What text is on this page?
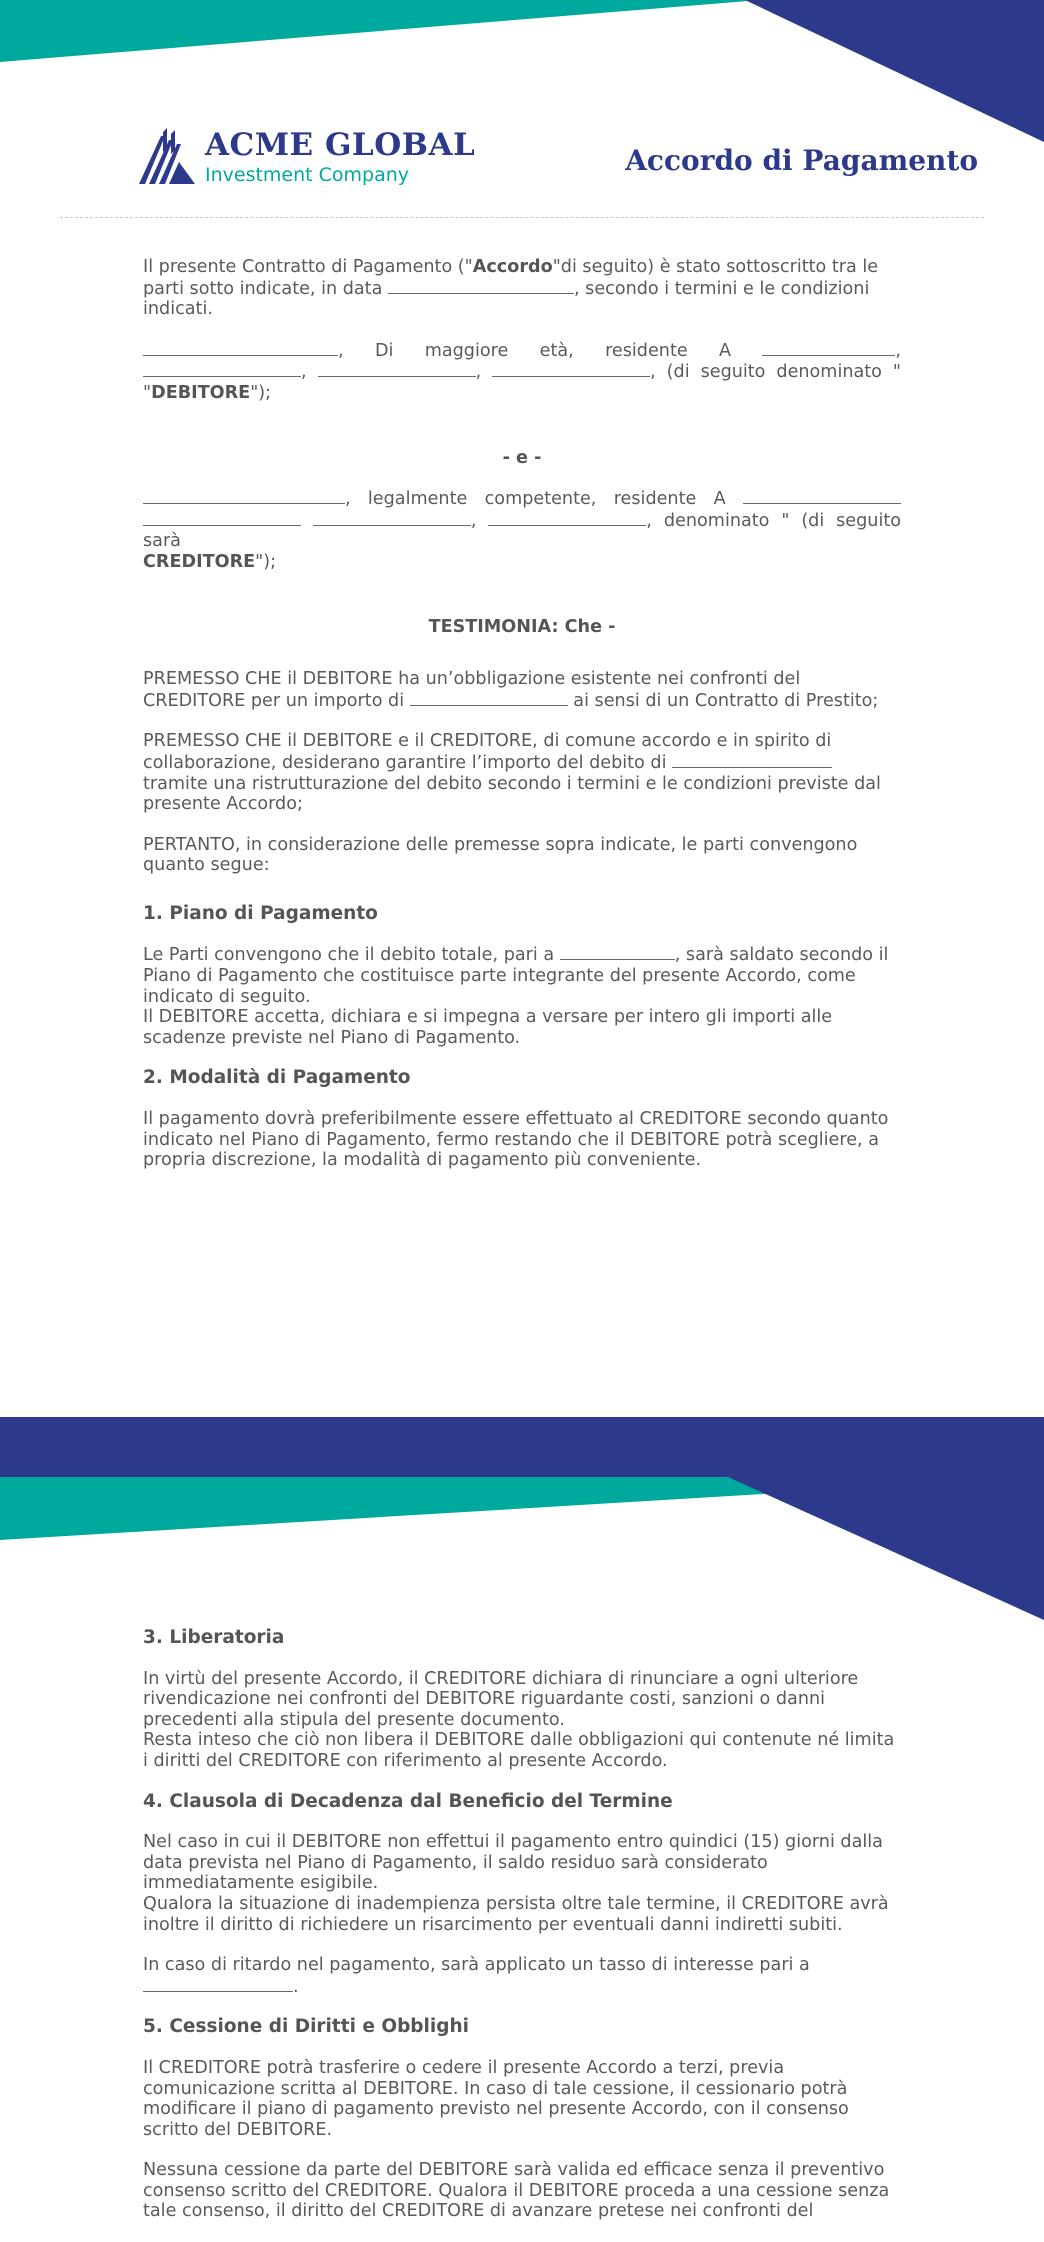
ACME GLOBAL
Investment Company	Accordo di Pagamento

Il presente Contratto di Pagamento ("Accordo"di seguito) è stato sottoscritto tra le parti sotto indicate, in data	, secondo i termini e le condizioni indicati.

, Di maggiore età, residente A	, ,	,	, (di seguito denominato "
"DEBITORE");

- e -

, legalmente competente, residente A   ,	, denominato " (di seguito sarà
CREDITORE");

TESTIMONIA: Che -

PREMESSO CHE il DEBITORE ha un’obbligazione esistente nei confronti del CREDITORE per un importo di	ai sensi di un Contratto di Prestito;

PREMESSO CHE il DEBITORE e il CREDITORE, di comune accordo e in spirito di collaborazione, desiderano garantire l’importo del debito di  tramite una ristrutturazione del debito secondo i termini e le condizioni previste dal presente Accordo;

PERTANTO, in considerazione delle premesse sopra indicate, le parti convengono quanto segue:

1. Piano di Pagamento

Le Parti convengono che il debito totale, pari a	, sarà saldato secondo il Piano di Pagamento che costituisce parte integrante del presente Accordo, come indicato di seguito.
Il DEBITORE accetta, dichiara e si impegna a versare per intero gli importi alle scadenze previste nel Piano di Pagamento.

2. Modalità di Pagamento

Il pagamento dovrà preferibilmente essere effettuato al CREDITORE secondo quanto indicato nel Piano di Pagamento, fermo restando che il DEBITORE potrà scegliere, a propria discrezione, la modalità di pagamento più conveniente.

3. Liberatoria

In virtù del presente Accordo, il CREDITORE dichiara di rinunciare a ogni ulteriore rivendicazione nei confronti del DEBITORE riguardante costi, sanzioni o danni precedenti alla stipula del presente documento.
Resta inteso che ciò non libera il DEBITORE dalle obbligazioni qui contenute né limita i diritti del CREDITORE con riferimento al presente Accordo.

4. Clausola di Decadenza dal Beneficio del Termine

Nel caso in cui il DEBITORE non effettui il pagamento entro quindici (15) giorni dalla data prevista nel Piano di Pagamento, il saldo residuo sarà considerato immediatamente esigibile.
Qualora la situazione di inadempienza persista oltre tale termine, il CREDITORE avrà inoltre il diritto di richiedere un risarcimento per eventuali danni indiretti subiti.

In caso di ritardo nel pagamento, sarà applicato un tasso di interesse pari a .

5. Cessione di Diritti e Obblighi

Il CREDITORE potrà trasferire o cedere il presente Accordo a terzi, previa comunicazione scritta al DEBITORE. In caso di tale cessione, il cessionario potrà modificare il piano di pagamento previsto nel presente Accordo, con il consenso scritto del DEBITORE.

Nessuna cessione da parte del DEBITORE sarà valida ed efficace senza il preventivo consenso scritto del CREDITORE. Qualora il DEBITORE proceda a una cessione senza tale consenso, il diritto del CREDITORE di avanzare pretese nei confronti del
